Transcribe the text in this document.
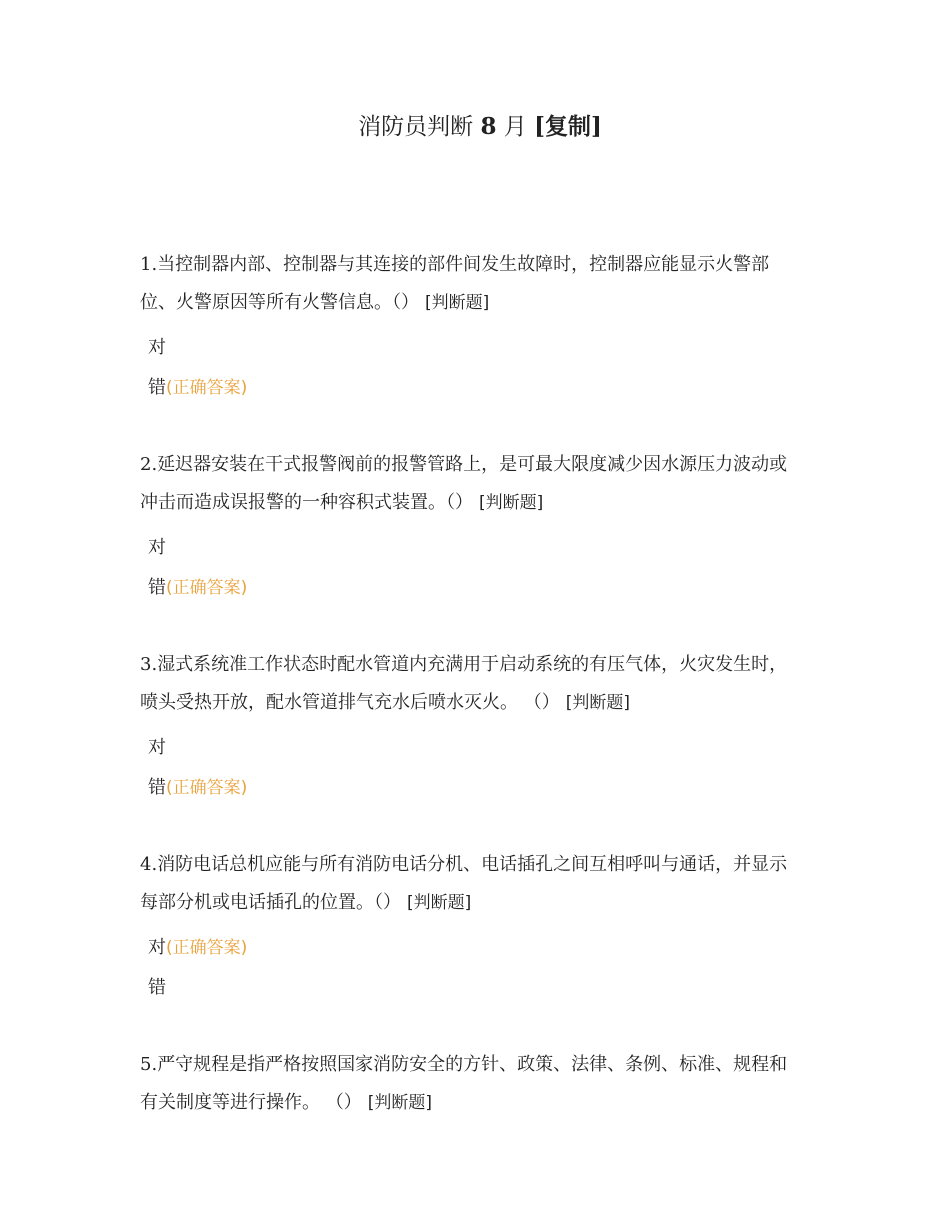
消防员判断 8 月 [复制]
1.当控制器内部、控制器与其连接的部件间发生故障时，控制器应能显示火警部
位、火警原因等所有火警信息。（） [判断题]
对
错(正确答案)
2.延迟器安装在干式报警阀前的报警管路上，是可最大限度减少因水源压力波动或
冲击而造成误报警的一种容积式装置。（） [判断题]
对
错(正确答案)
3.湿式系统准工作状态时配水管道内充满用于启动系统的有压气体，火灾发生时，
喷头受热开放，配水管道排气充水后喷水灭火。 （） [判断题]
对
错(正确答案)
4.消防电话总机应能与所有消防电话分机、电话插孔之间互相呼叫与通话，并显示
每部分机或电话插孔的位置。（） [判断题]
对(正确答案)
错
5.严守规程是指严格按照国家消防安全的方针、政策、法律、条例、标准、规程和
有关制度等进行操作。 （） [判断题]
